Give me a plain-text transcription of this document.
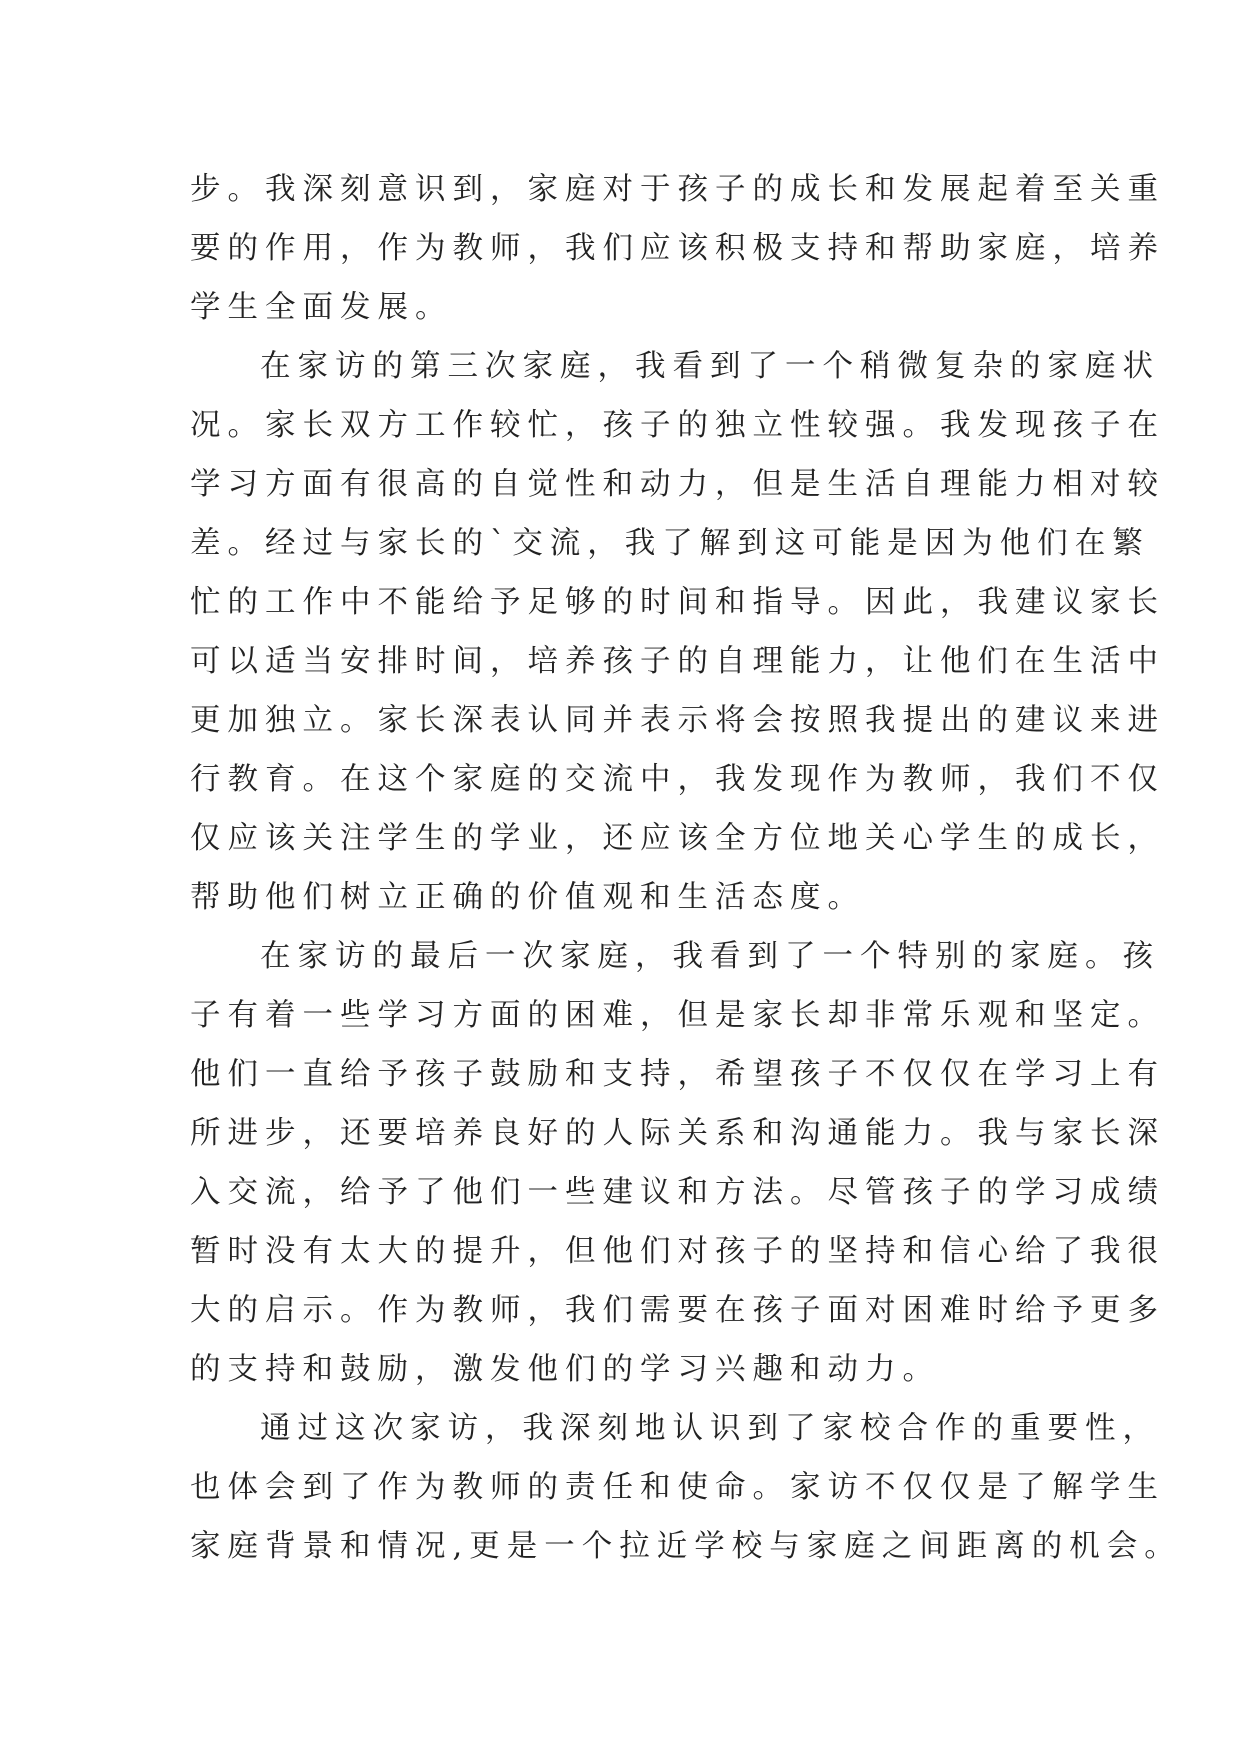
步。我深刻意识到，家庭对于孩子的成长和发展起着至关重
要的作用，作为教师，我们应该积极支持和帮助家庭，培养
学生全面发展。
在家访的第三次家庭，我看到了一个稍微复杂的家庭状
况。家长双方工作较忙，孩子的独立性较强。我发现孩子在
学习方面有很高的自觉性和动力，但是生活自理能力相对较
差。经过与家长的`交流，我了解到这可能是因为他们在繁
忙的工作中不能给予足够的时间和指导。因此，我建议家长
可以适当安排时间，培养孩子的自理能力，让他们在生活中
更加独立。家长深表认同并表示将会按照我提出的建议来进
行教育。在这个家庭的交流中，我发现作为教师，我们不仅
仅应该关注学生的学业，还应该全方位地关心学生的成长，
帮助他们树立正确的价值观和生活态度。
在家访的最后一次家庭，我看到了一个特别的家庭。孩
子有着一些学习方面的困难，但是家长却非常乐观和坚定。
他们一直给予孩子鼓励和支持，希望孩子不仅仅在学习上有
所进步，还要培养良好的人际关系和沟通能力。我与家长深
入交流，给予了他们一些建议和方法。尽管孩子的学习成绩
暂时没有太大的提升，但他们对孩子的坚持和信心给了我很
大的启示。作为教师，我们需要在孩子面对困难时给予更多
的支持和鼓励，激发他们的学习兴趣和动力。
通过这次家访，我深刻地认识到了家校合作的重要性，
也体会到了作为教师的责任和使命。家访不仅仅是了解学生
家庭背景和情况,更是一个拉近学校与家庭之间距离的机会。
